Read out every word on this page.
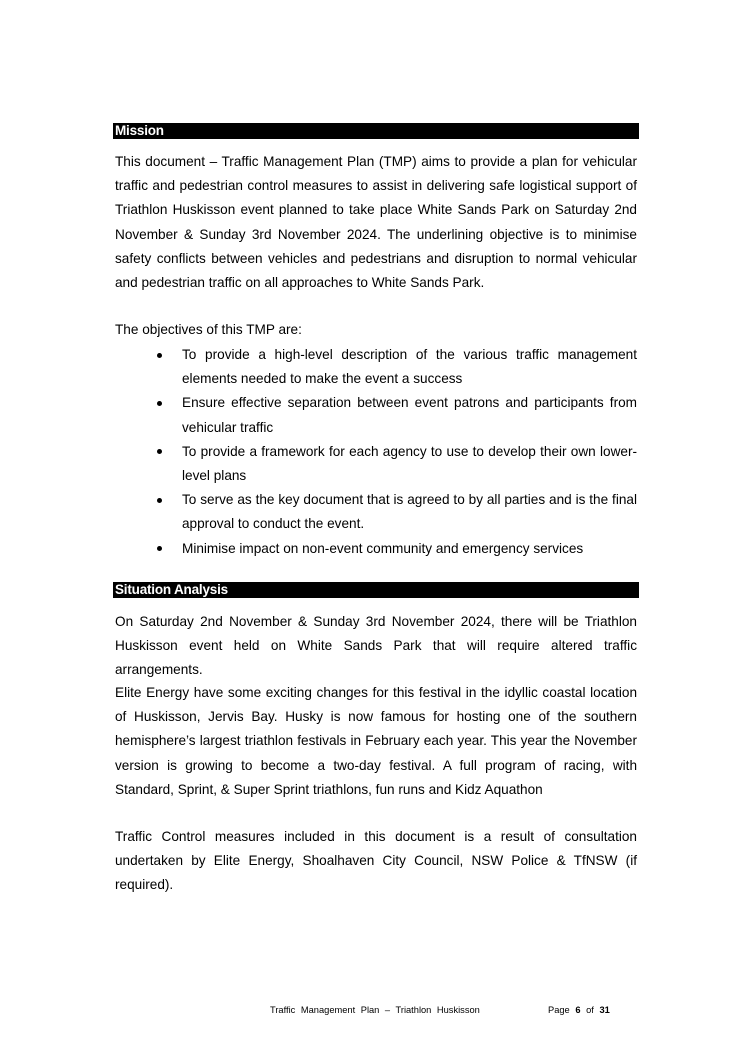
Mission

This document – Traffic Management Plan (TMP) aims to provide a plan for vehicular traffic and pedestrian control measures to assist in delivering safe logistical support of Triathlon Huskisson event planned to take place White Sands Park on Saturday 2nd November & Sunday 3rd November 2024. The underlining objective is to minimise safety conflicts between vehicles and pedestrians and disruption to normal vehicular and pedestrian traffic on all approaches to White Sands Park.

The objectives of this TMP are:

To provide a high-level description of the various traffic management elements needed to make the event a success
Ensure effective separation between event patrons and participants from vehicular traffic
To provide a framework for each agency to use to develop their own lower-level plans
To serve as the key document that is agreed to by all parties and is the final approval to conduct the event.
Minimise impact on non-event community and emergency services
Situation Analysis

On Saturday 2nd November & Sunday 3rd November 2024, there will be Triathlon Huskisson event held on White Sands Park that will require altered traffic arrangements.

Elite Energy have some exciting changes for this festival in the idyllic coastal location of Huskisson, Jervis Bay. Husky is now famous for hosting one of the southern hemisphere’s largest triathlon festivals in February each year. This year the November version is growing to become a two-day festival. A full program of racing, with Standard, Sprint, & Super Sprint triathlons, fun runs and Kidz Aquathon

Traffic Control measures included in this document is a result of consultation undertaken by Elite Energy, Shoalhaven City Council, NSW Police & TfNSW (if required).

Traffic Management Plan – Triathlon Huskisson	Page 6 of 31
